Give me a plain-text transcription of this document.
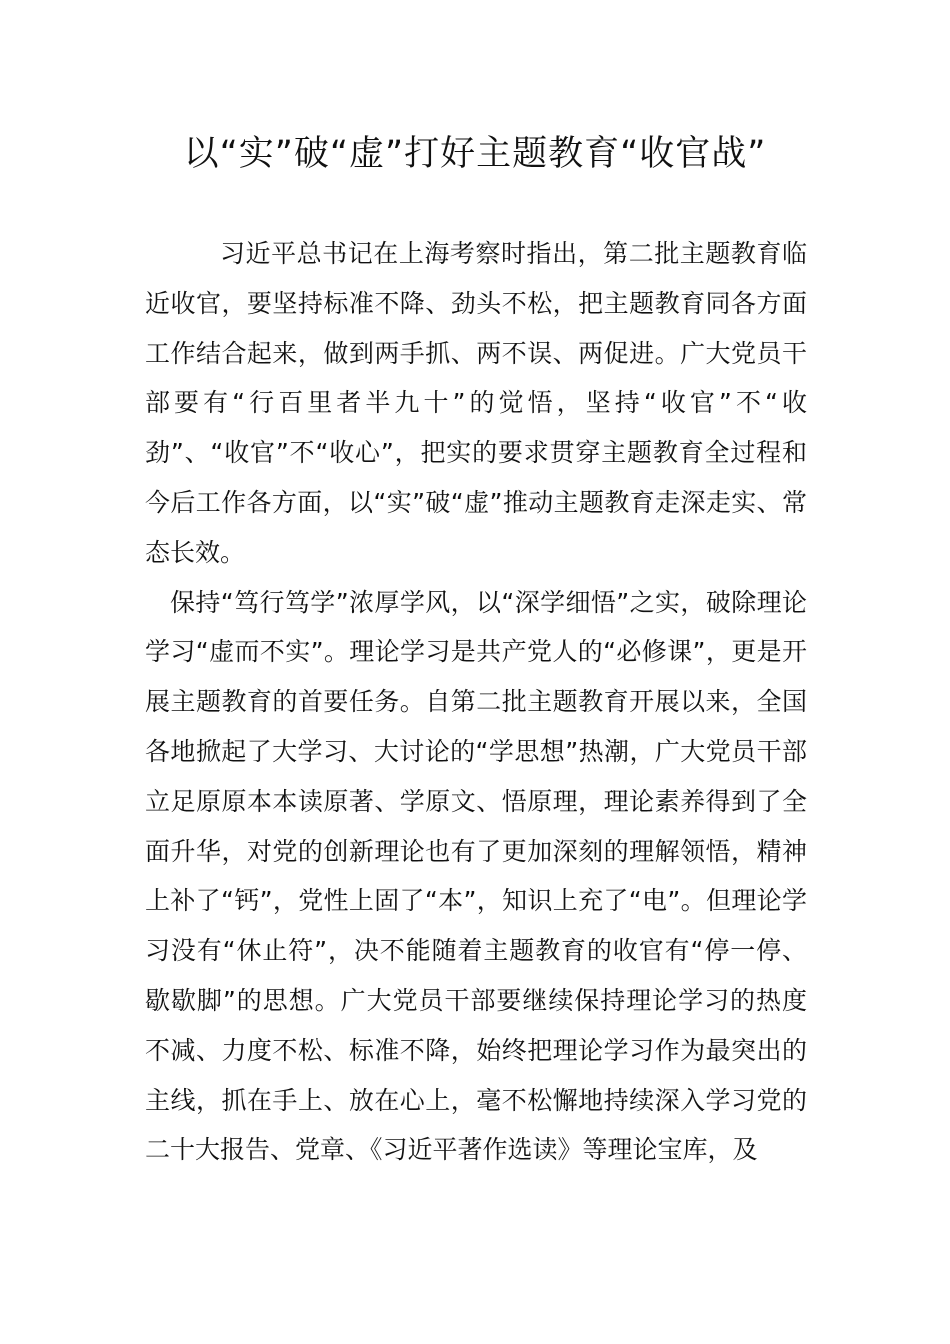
以“实”破“虚”打好主题教育“收官战”

习近平总书记在上海考察时指出，第二批主题教育临近收官，要坚持标准不降、劲头不松，把主题教育同各方面工作结合起来，做到两手抓、两不误、两促进。广大党员干部要有“行百里者半九十”的觉悟，坚持“收官”不“收劲”、“收官”不“收心”，把实的要求贯穿主题教育全过程和今后工作各方面，以“实”破“虚”推动主题教育走深走实、常态长效。

保持“笃行笃学”浓厚学风，以“深学细悟”之实，破除理论学习“虚而不实”。理论学习是共产党人的“必修课”，更是开展主题教育的首要任务。自第二批主题教育开展以来，全国各地掀起了大学习、大讨论的“学思想”热潮，广大党员干部立足原原本本读原著、学原文、悟原理，理论素养得到了全面升华，对党的创新理论也有了更加深刻的理解领悟，精神上补了“钙”，党性上固了“本”，知识上充了“电”。但理论学习没有“休止符”，决不能随着主题教育的收官有“停一停、歇歇脚”的思想。广大党员干部要继续保持理论学习的热度不减、力度不松、标准不降，始终把理论学习作为最突出的主线，抓在手上、放在心上，毫不松懈地持续深入学习党的二十大报告、党章、《习近平著作选读》等理论宝库，及
